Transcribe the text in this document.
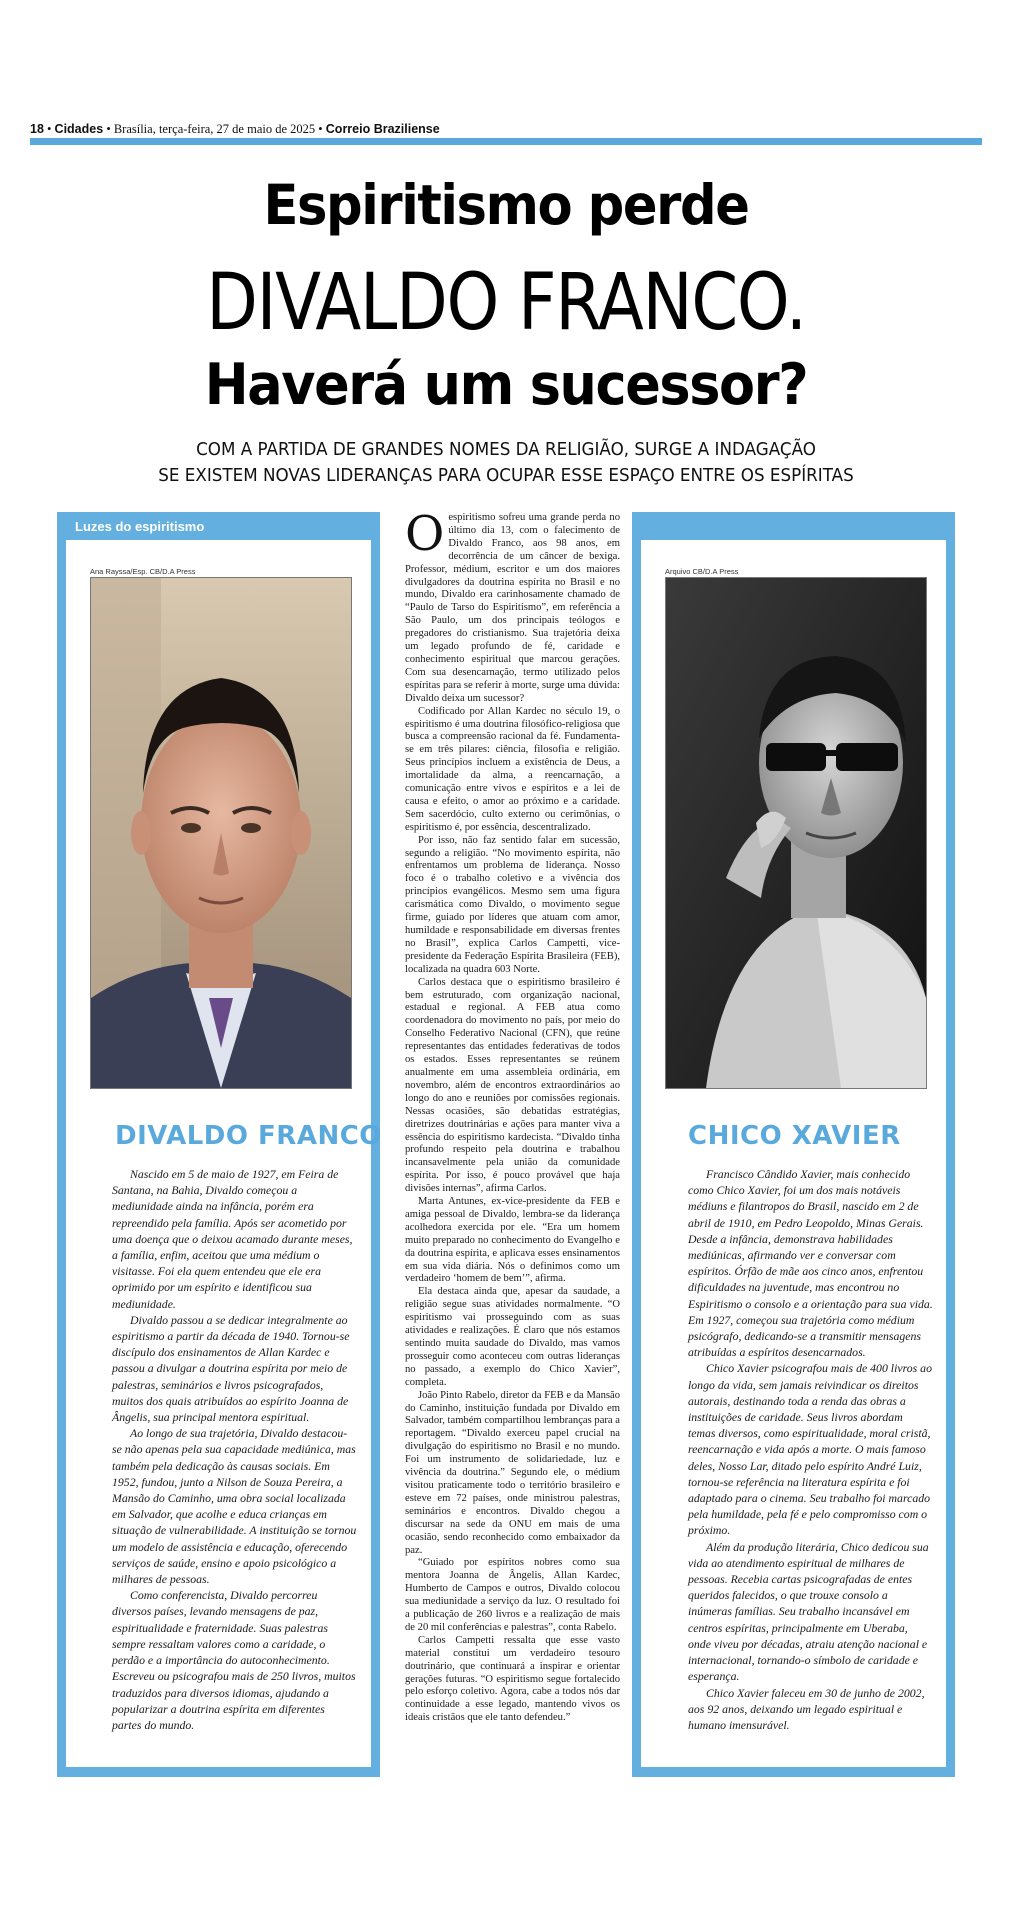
18 • Cidades • Brasília, terça-feira, 27 de maio de 2025 • Correio Braziliense
Espiritismo perde
DIVALDO FRANCO.
Haverá um sucessor?
COM A PARTIDA DE GRANDES NOMES DA RELIGIÃO, SURGE A INDAGAÇÃO
SE EXISTEM NOVAS LIDERANÇAS PARA OCUPAR ESSE ESPAÇO ENTRE OS ESPÍRITAS
Luzes do espiritismo
Ana Rayssa/Esp. CB/D.A Press
DIVALDO FRANCO

Nascido em 5 de maio de 1927, em Feira de Santana, na Bahia, Divaldo começou a mediunidade ainda na infância, porém era repreendido pela família. Após ser acometido por uma doença que o deixou acamado durante meses, a família, enfim, aceitou que uma médium o visitasse. Foi ela quem entendeu que ele era oprimido por um espírito e identificou sua mediunidade.

Divaldo passou a se dedicar integralmente ao espiritismo a partir da década de 1940. Tornou-se discípulo dos ensinamentos de Allan Kardec e passou a divulgar a doutrina espírita por meio de palestras, seminários e livros psicografados, muitos dos quais atribuídos ao espírito Joanna de Ângelis, sua principal mentora espiritual.

Ao longo de sua trajetória, Divaldo destacou-se não apenas pela sua capacidade mediúnica, mas também pela dedicação às causas sociais. Em 1952, fundou, junto a Nilson de Souza Pereira, a Mansão do Caminho, uma obra social localizada em Salvador, que acolhe e educa crianças em situação de vulnerabilidade. A instituição se tornou um modelo de assistência e educação, oferecendo serviços de saúde, ensino e apoio psicológico a milhares de pessoas.

Como conferencista, Divaldo percorreu diversos países, levando mensagens de paz, espiritualidade e fraternidade. Suas palestras sempre ressaltam valores como a caridade, o perdão e a importância do autoconhecimento. Escreveu ou psicografou mais de 250 livros, muitos traduzidos para diversos idiomas, ajudando a popularizar a doutrina espírita em diferentes partes do mundo.

Arquivo CB/D.A Press
CHICO XAVIER

Francisco Cândido Xavier, mais conhecido como Chico Xavier, foi um dos mais notáveis médiuns e filantropos do Brasil, nascido em 2 de abril de 1910, em Pedro Leopoldo, Minas Gerais. Desde a infância, demonstrava habilidades mediúnicas, afirmando ver e conversar com espíritos. Órfão de mãe aos cinco anos, enfrentou dificuldades na juventude, mas encontrou no Espiritismo o consolo e a orientação para sua vida. Em 1927, começou sua trajetória como médium psicógrafo, dedicando-se a transmitir mensagens atribuídas a espíritos desencarnados.

Chico Xavier psicografou mais de 400 livros ao longo da vida, sem jamais reivindicar os direitos autorais, destinando toda a renda das obras a instituições de caridade. Seus livros abordam temas diversos, como espiritualidade, moral cristã, reencarnação e vida após a morte. O mais famoso deles, Nosso Lar, ditado pelo espírito André Luiz, tornou-se referência na literatura espírita e foi adaptado para o cinema. Seu trabalho foi marcado pela humildade, pela fé e pelo compromisso com o próximo.

Além da produção literária, Chico dedicou sua vida ao atendimento espiritual de milhares de pessoas. Recebia cartas psicografadas de entes queridos falecidos, o que trouxe consolo a inúmeras famílias. Seu trabalho incansável em centros espíritas, principalmente em Uberaba, onde viveu por décadas, atraiu atenção nacional e internacional, tornando-o símbolo de caridade e esperança.

Chico Xavier faleceu em 30 de junho de 2002, aos 92 anos, deixando um legado espiritual e humano imensurável.

Oespiritismo sofreu uma grande perda no último dia 13, com o falecimento de Divaldo Franco, aos 98 anos, em decorrência de um câncer de bexiga. Professor, médium, escritor e um dos maiores divulgadores da doutrina espírita no Brasil e no mundo, Divaldo era carinhosamente chamado de “Paulo de Tarso do Espiritismo”, em referência a São Paulo, um dos principais teólogos e pregadores do cristianismo. Sua trajetória deixa um legado profundo de fé, caridade e conhecimento espiritual que marcou gerações. Com sua desencarnação, termo utilizado pelos espíritas para se referir à morte, surge uma dúvida: Divaldo deixa um sucessor?

Codificado por Allan Kardec no século 19, o espiritismo é uma doutrina filosófico-religiosa que busca a compreensão racional da fé. Fundamenta-se em três pilares: ciência, filosofia e religião. Seus princípios incluem a existência de Deus, a imortalidade da alma, a reencarnação, a comunicação entre vivos e espíritos e a lei de causa e efeito, o amor ao próximo e a caridade. Sem sacerdócio, culto externo ou cerimônias, o espiritismo é, por essência, descentralizado.

Por isso, não faz sentido falar em sucessão, segundo a religião. “No movimento espírita, não enfrentamos um problema de liderança. Nosso foco é o trabalho coletivo e a vivência dos princípios evangélicos. Mesmo sem uma figura carismática como Divaldo, o movimento segue firme, guiado por líderes que atuam com amor, humildade e responsabilidade em diversas frentes no Brasil”, explica Carlos Campetti, vice-presidente da Federação Espírita Brasileira (FEB), localizada na quadra 603 Norte.

Carlos destaca que o espiritismo brasileiro é bem estruturado, com organização nacional, estadual e regional. A FEB atua como coordenadora do movimento no país, por meio do Conselho Federativo Nacional (CFN), que reúne representantes das entidades federativas de todos os estados. Esses representantes se reúnem anualmente em uma assembleia ordinária, em novembro, além de encontros extraordinários ao longo do ano e reuniões por comissões regionais. Nessas ocasiões, são debatidas estratégias, diretrizes doutrinárias e ações para manter viva a essência do espiritismo kardecista. “Divaldo tinha profundo respeito pela doutrina e trabalhou incansavelmente pela união da comunidade espírita. Por isso, é pouco provável que haja divisões internas”, afirma Carlos.

Marta Antunes, ex-vice-presidente da FEB e amiga pessoal de Divaldo, lembra-se da liderança acolhedora exercida por ele. “Era um homem muito preparado no conhecimento do Evangelho e da doutrina espírita, e aplicava esses ensinamentos em sua vida diária. Nós o definimos como um verdadeiro ‘homem de bem’”, afirma.

Ela destaca ainda que, apesar da saudade, a religião segue suas atividades normalmente. “O espiritismo vai prosseguindo com as suas atividades e realizações. É claro que nós estamos sentindo muita saudade do Divaldo, mas vamos prosseguir como aconteceu com outras lideranças no passado, a exemplo do Chico Xavier”, completa.

João Pinto Rabelo, diretor da FEB e da Mansão do Caminho, instituição fundada por Divaldo em Salvador, também compartilhou lembranças para a reportagem. “Divaldo exerceu papel crucial na divulgação do espiritismo no Brasil e no mundo. Foi um instrumento de solidariedade, luz e vivência da doutrina.” Segundo ele, o médium visitou praticamente todo o território brasileiro e esteve em 72 países, onde ministrou palestras, seminários e encontros. Divaldo chegou a discursar na sede da ONU em mais de uma ocasião, sendo reconhecido como embaixador da paz.

“Guiado por espíritos nobres como sua mentora Joanna de Ângelis, Allan Kardec, Humberto de Campos e outros, Divaldo colocou sua mediunidade a serviço da luz. O resultado foi a publicação de 260 livros e a realização de mais de 20 mil conferências e palestras”, conta Rabelo.

Carlos Campetti ressalta que esse vasto material constitui um verdadeiro tesouro doutrinário, que continuará a inspirar e orientar gerações futuras. “O espiritismo segue fortalecido pelo esforço coletivo. Agora, cabe a todos nós dar continuidade a esse legado, mantendo vivos os ideais cristãos que ele tanto defendeu.”
